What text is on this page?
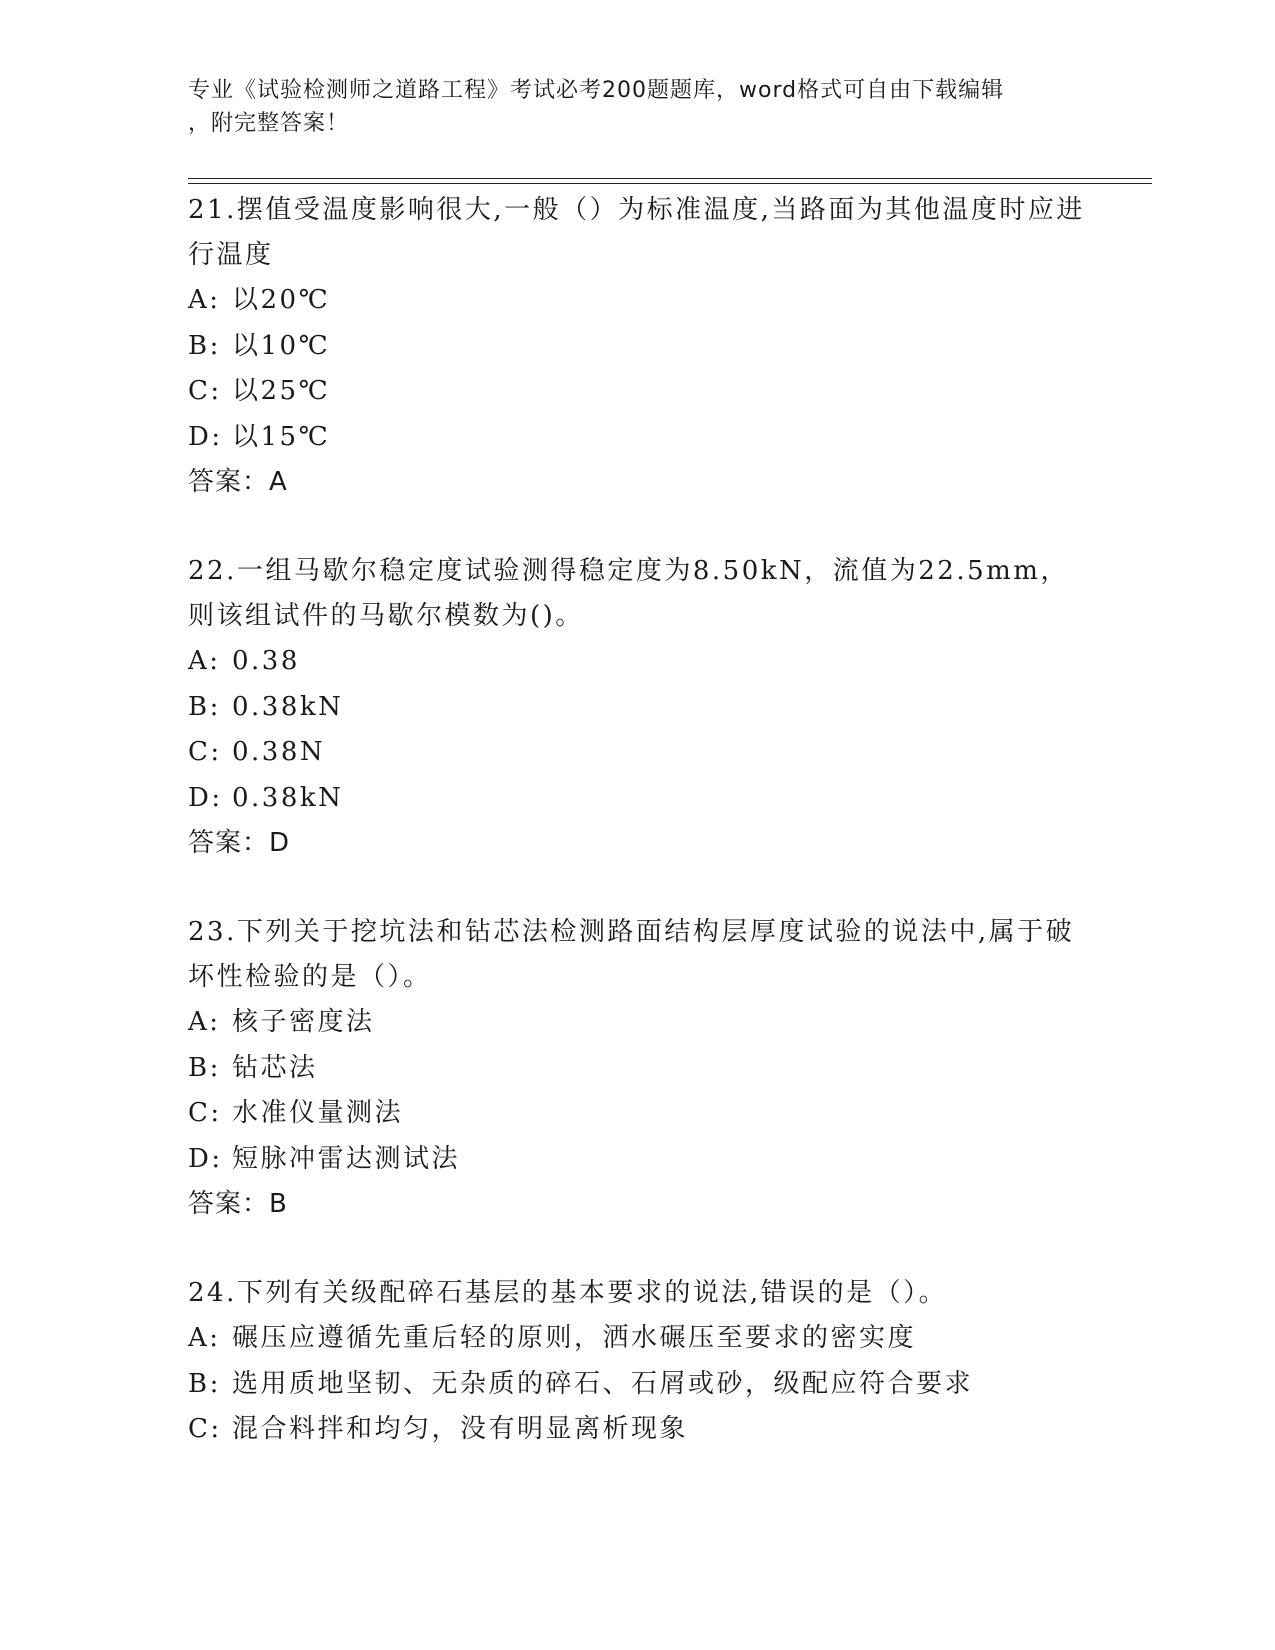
专业《试验检测师之道路工程》考试必考200题题库，word格式可自由下载编辑
，附完整答案！
21.摆值受温度影响很大,一般（）为标准温度,当路面为其他温度时应进行温度
A: 以20℃
B: 以10℃
C: 以25℃
D: 以15℃
答案：A
22.一组马歇尔稳定度试验测得稳定度为8.50kN，流值为22.5mm，则该组试件的马歇尔模数为()。
A: 0.38
B: 0.38kN
C: 0.38N
D: 0.38kN
答案：D
23.下列关于挖坑法和钻芯法检测路面结构层厚度试验的说法中,属于破坏性检验的是（）。
A: 核子密度法
B: 钻芯法
C: 水准仪量测法
D: 短脉冲雷达测试法
答案：B
24.下列有关级配碎石基层的基本要求的说法,错误的是（）。
A: 碾压应遵循先重后轻的原则，洒水碾压至要求的密实度
B: 选用质地坚韧、无杂质的碎石、石屑或砂，级配应符合要求
C: 混合料拌和均匀，没有明显离析现象
